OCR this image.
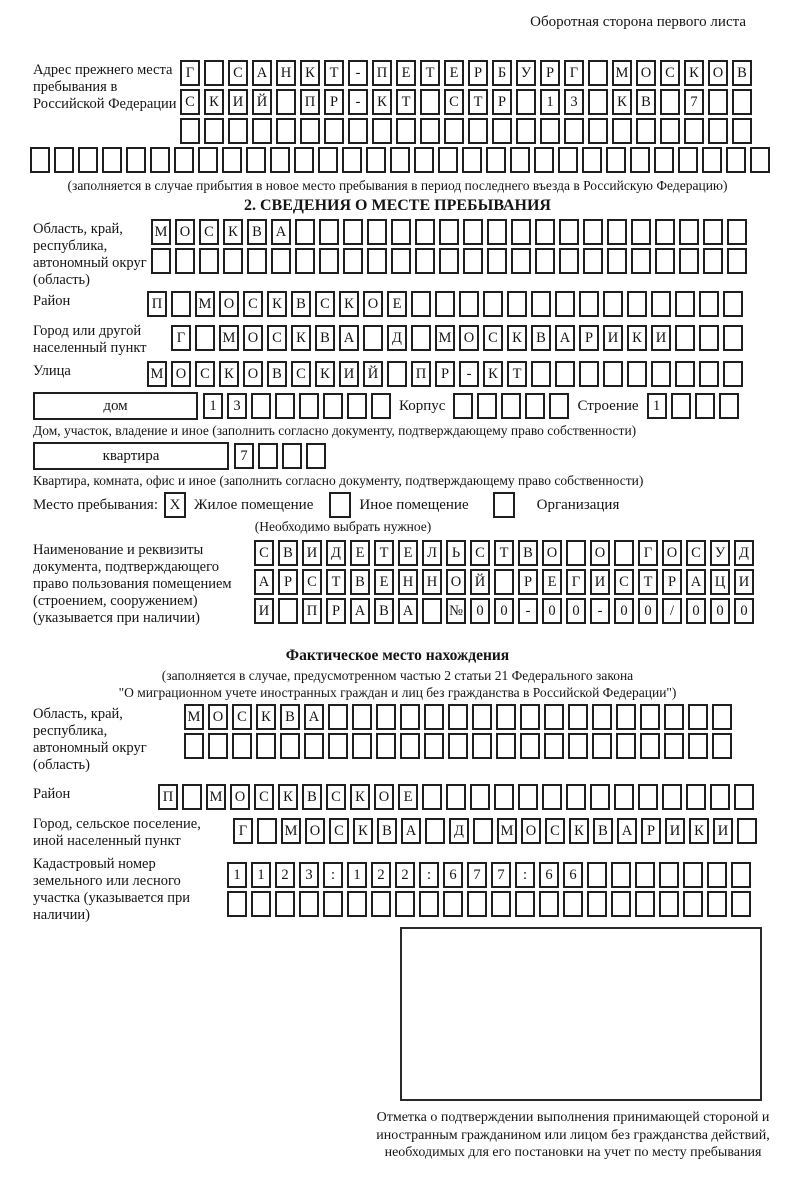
Оборотная сторона первого листа
Адрес прежнего места пребывания в Российской Федерации
Г	С А Н К	Т	-	П Е	Т	Е	Р	Б	У	Р	Г	М О С К О В
С К И Й	П	Р	-	К	Т	С	Т	Р	1	3	К В	7
(заполняется в случае прибытия в новое место пребывания в период последнего въезда в Российскую Федерацию)
2. СВЕДЕНИЯ О МЕСТЕ ПРЕБЫВАНИЯ
Область, край, республика, автономный округ (область)
М О С К В А
Район	П	М О С К В С К О Е
Город или другой населенный пункт
Г	М О С К В А	Д	М О С К В А	Р	И К И
Улица	М О С К О В С К И Й	П	Р	-	К	Т
дом	1	3	Корпус	Строение 1
Дом, участок, владение и иное (заполнить согласно документу, подтверждающему право собственности)
квартира	7
Квартира, комната, офис и иное (заполнить согласно документу, подтверждающему право собственности)
Место пребывания: X Жилое помещение	Иное помещение	Организация
(Необходимо выбрать нужное)
Наименование и реквизиты документа, подтверждающего право пользования помещением (строением, сооружением) (указывается при наличии)
С В И Д	Е	Т	Е	Л	Ь	С	Т	В О	О	Г	О С У Д
А	Р	С	Т	В	Е Н Н О Й	Р	Е	Г	И С	Т	Р	А Ц И
И	П	Р	А В А	№ 0	0	-	0	0	-	0	0	/	0	0	0
Фактическое место нахождения
(заполняется в случае, предусмотренном частью 2 статьи 21 Федерального закона
"О миграционном учете иностранных граждан и лиц без гражданства в Российской Федерации")
Область, край, республика, автономный округ (область)
М О С К В А
Район	П	М О С К В С К О Е
Город, сельское поселение, иной населенный пункт
Г	М О С К В А	Д	М О С К В А	Р	И К И
Кадастровый номер земельного или лесного участка (указывается при наличии)
1	1	2	3	:	1	2	2	:	6	7	7	:	6	6
Отметка о подтверждении выполнения принимающей стороной и иностранным гражданином или лицом без гражданства действий, необходимых для его постановки на учет по месту пребывания
